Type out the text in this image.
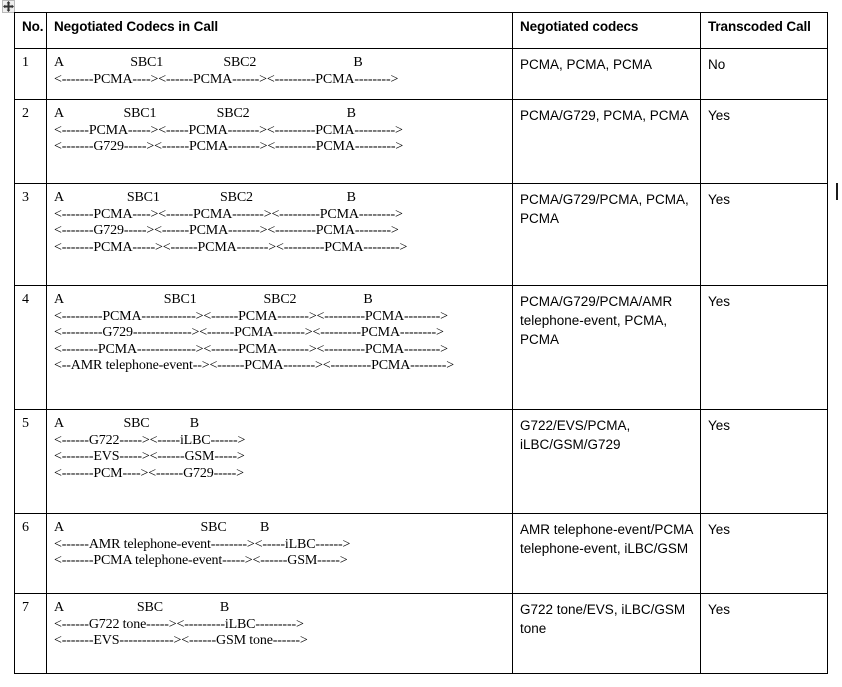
No.	Negotiated Codecs in Call	Negotiated codecs	Transcoded Call
1	A                    SBC1                  SBC2                             B
<-------PCMA----><------PCMA------><---------PCMA-------->	PCMA, PCMA, PCMA	No
2	A                  SBC1                  SBC2                             B
<------PCMA-----><-----PCMA-------><---------PCMA--------->
<-------G729-----><------PCMA-------><---------PCMA--------->	PCMA/G729, PCMA, PCMA	Yes
3	A                   SBC1                  SBC2                            B
<-------PCMA----><------PCMA-------><---------PCMA-------->
<-------G729-----><------PCMA-------><---------PCMA-------->
<-------PCMA-----><------PCMA-------><---------PCMA-------->	PCMA/G729/PCMA, PCMA, PCMA	Yes
4	A                              SBC1                    SBC2                    B
<---------PCMA------------><------PCMA-------><---------PCMA-------->
<---------G729-------------><------PCMA-------><---------PCMA-------->
<--------PCMA-------------><------PCMA-------><---------PCMA-------->
<--AMR telephone-event--><------PCMA-------><---------PCMA-------->	PCMA/G729/PCMA/AMR telephone-event, PCMA, PCMA	Yes
5	A                  SBC            B
<------G722-----><-----iLBC------>
<-------EVS-----><------GSM----->
<-------PCM----><------G729----->	G722/EVS/PCMA, iLBC/GSM/G729	Yes
6	A                                         SBC          B
<------AMR telephone-event--------><-----iLBC------>
<-------PCMA telephone-event-----><------GSM----->	AMR telephone-event/PCMA telephone-event, iLBC/GSM	Yes
7	A                      SBC                 B
<------G722 tone-----><---------iLBC--------->
<-------EVS------------><------GSM tone------>	G722 tone/EVS, iLBC/GSM tone	Yes
